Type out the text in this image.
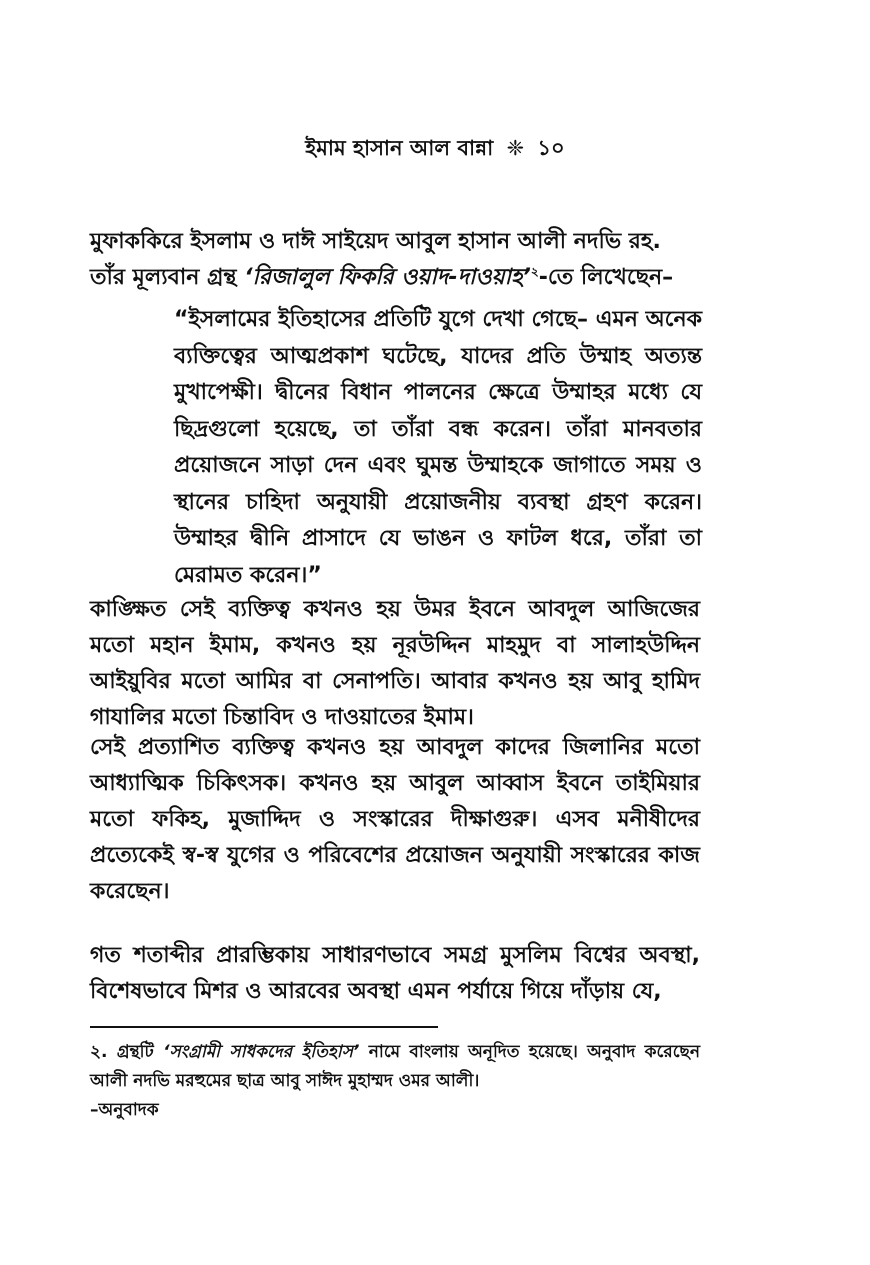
ইমাম হাসান আল বান্না ❈ ১০
মুফাককিরে ইসলাম ও দাঈ সাইয়েদ আবুল হাসান আলী নদভি রহ.
তাঁর মূল্যবান গ্রন্থ ‘রিজালুল ফিকরি ওয়াদ-দাওয়াহ’$^২$-তে লিখেছেন–
“ইসলামের ইতিহাসের প্রতিটি যুগে দেখা গেছে– এমন অনেক ব্যক্তিত্বের আত্মপ্রকাশ ঘটেছে, যাদের প্রতি উম্মাহ অত্যন্ত মুখাপেক্ষী। দ্বীনের বিধান পালনের ক্ষেত্রে উম্মাহর মধ্যে যে ছিদ্রগুলো হয়েছে, তা তাঁরা বন্ধ করেন। তাঁরা মানবতার প্রয়োজনে সাড়া দেন এবং ঘুমন্ত উম্মাহকে জাগাতে সময় ও স্থানের চাহিদা অনুযায়ী প্রয়োজনীয় ব্যবস্থা গ্রহণ করেন। উম্মাহর দ্বীনি প্রাসাদে যে ভাঙন ও ফাটল ধরে, তাঁরা তা মেরামত করেন।”
কাঙ্ক্ষিত সেই ব্যক্তিত্ব কখনও হয় উমর ইবনে আবদুল আজিজের মতো মহান ইমাম, কখনও হয় নূরউদ্দিন মাহমুদ বা সালাহউদ্দিন আইয়ুবির মতো আমির বা সেনাপতি। আবার কখনও হয় আবু হামিদ গাযালির মতো চিন্তাবিদ ও দাওয়াতের ইমাম।
সেই প্রত্যাশিত ব্যক্তিত্ব কখনও হয় আবদুল কাদের জিলানির মতো আধ্যাত্মিক চিকিৎসক। কখনও হয় আবুল আব্বাস ইবনে তাইমিয়ার মতো ফকিহ, মুজাদ্দিদ ও সংস্কারের দীক্ষাগুরু। এসব মনীষীদের প্রত্যেকেই স্ব-স্ব যুগের ও পরিবেশের প্রয়োজন অনুযায়ী সংস্কারের কাজ করেছেন।
গত শতাব্দীর প্রারম্ভিকায় সাধারণভাবে সমগ্র মুসলিম বিশ্বের অবস্থা, বিশেষভাবে মিশর ও আরবের অবস্থা এমন পর্যায়ে গিয়ে দাঁড়ায় যে,
২. গ্রন্থটি ‘সংগ্রামী সাধকদের ইতিহাস’ নামে বাংলায় অনূদিত হয়েছে। অনুবাদ করেছেন আলী নদভি মরহুমের ছাত্র আবু সাঈদ মুহাম্মদ ওমর আলী।
–অনুবাদক
